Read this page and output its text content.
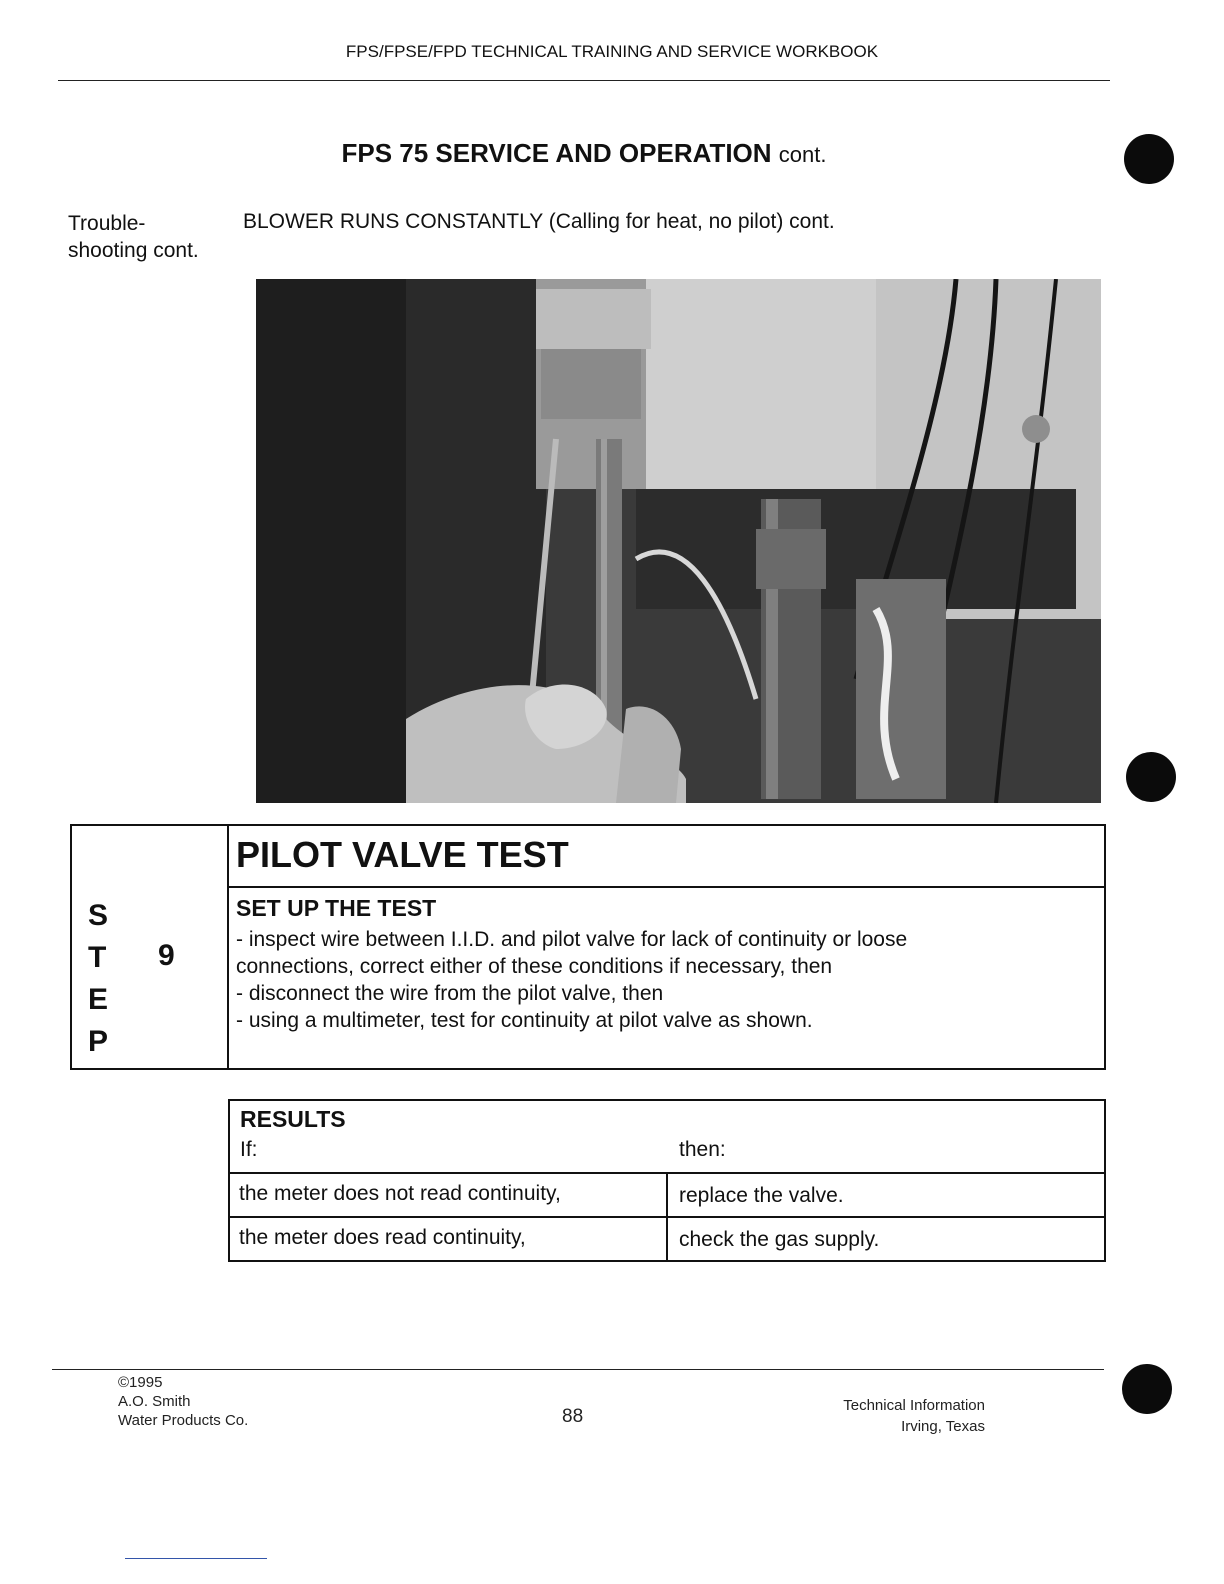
FPS/FPSE/FPD TECHNICAL TRAINING AND SERVICE WORKBOOK
FPS 75 SERVICE AND OPERATION cont.
Trouble-
shooting cont.
BLOWER RUNS CONSTANTLY (Calling for heat, no pilot) cont.
S
T
E
P
9
PILOT VALVE TEST
SET UP THE TEST
- inspect wire between I.I.D. and pilot valve for lack of continuity or loose
connections, correct either of these conditions if necessary, then
- disconnect the wire from the pilot valve, then
- using a multimeter, test for continuity at pilot valve as shown.
RESULTS
If:	then:
the meter does not read continuity,	replace the valve.
the meter does read continuity,	check the gas supply.
©1995
A.O. Smith
Water Products Co.	88
Technical Information
Irving, Texas
